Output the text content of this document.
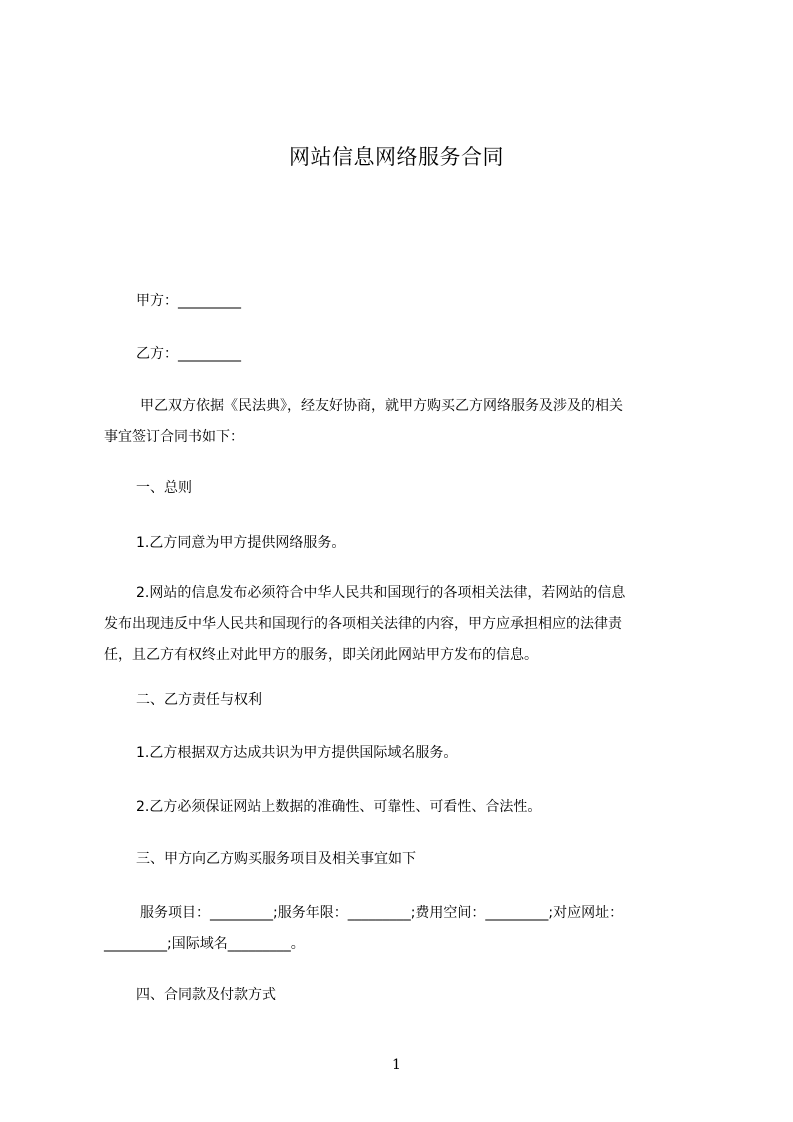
网站信息网络服务合同
甲方：_________
乙方：_________
甲乙双方依据《民法典》，经友好协商，就甲方购买乙方网络服务及涉及的相关
事宜签订合同书如下：
一、总则
1.乙方同意为甲方提供网络服务。
2.网站的信息发布必须符合中华人民共和国现行的各项相关法律，若网站的信息
发布出现违反中华人民共和国现行的各项相关法律的内容，甲方应承担相应的法律责
任，且乙方有权终止对此甲方的服务，即关闭此网站甲方发布的信息。
二、乙方责任与权利
1.乙方根据双方达成共识为甲方提供国际域名服务。
2.乙方必须保证网站上数据的准确性、可靠性、可看性、合法性。
三、甲方向乙方购买服务项目及相关事宜如下
服务项目：_________;服务年限：_________;费用空间：_________;对应网址：
_________;国际域名_________。
四、合同款及付款方式
1
